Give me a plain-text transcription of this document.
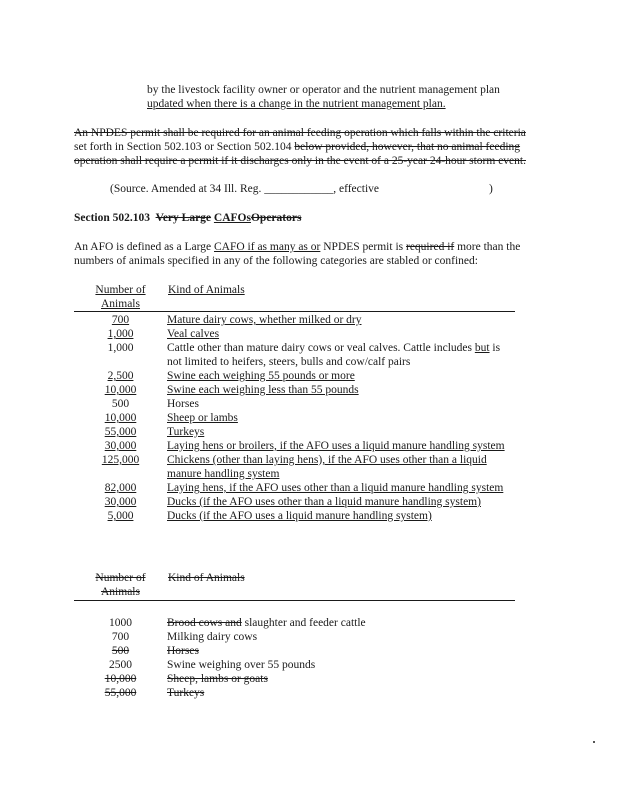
by the livestock facility owner or operator and the nutrient management plan
updated when there is a change in the nutrient management plan.
An NPDES permit shall be required for an animal feeding operation which falls within the criteria
set forth in Section 502.103 or Section 502.104 below provided, however, that no animal feeding
operation shall require a permit if it discharges only in the event of a 25-year 24-hour storm event.
(Source. Amended at 34 Ill. Reg. ____________, effective	)
Section 502.103 Very Large CAFOsOperators
An AFO is defined as a Large CAFO if as many as or NPDES permit is required if more than the
numbers of animals specified in any of the following categories are stabled or confined:
Number of
Animals
Kind of Animals
700	Mature dairy cows, whether milked or dry
1,000	Veal calves
1,000	Cattle other than mature dairy cows or veal calves. Cattle includes but is not limited to heifers, steers, bulls and cow/calf pairs
2,500	Swine each weighing 55 pounds or more
10,000	Swine each weighing less than 55 pounds
500	Horses
10,000	Sheep or lambs
55,000	Turkeys
30,000	Laying hens or broilers, if the AFO uses a liquid manure handling system
125,000	Chickens (other than laying hens), if the AFO uses other than a liquid manure handling system
82,000	Laying hens, if the AFO uses other than a liquid manure handling system
30,000	Ducks (if the AFO uses other than a liquid manure handling system)
5,000	Ducks (if the AFO uses a liquid manure handling system)
Number of
Animals
Kind of Animals
1000	Brood cows and slaughter and feeder cattle
700	Milking dairy cows
500	Horses
2500	Swine weighing over 55 pounds
10,000	Sheep, lambs or goats
55,000	Turkeys
